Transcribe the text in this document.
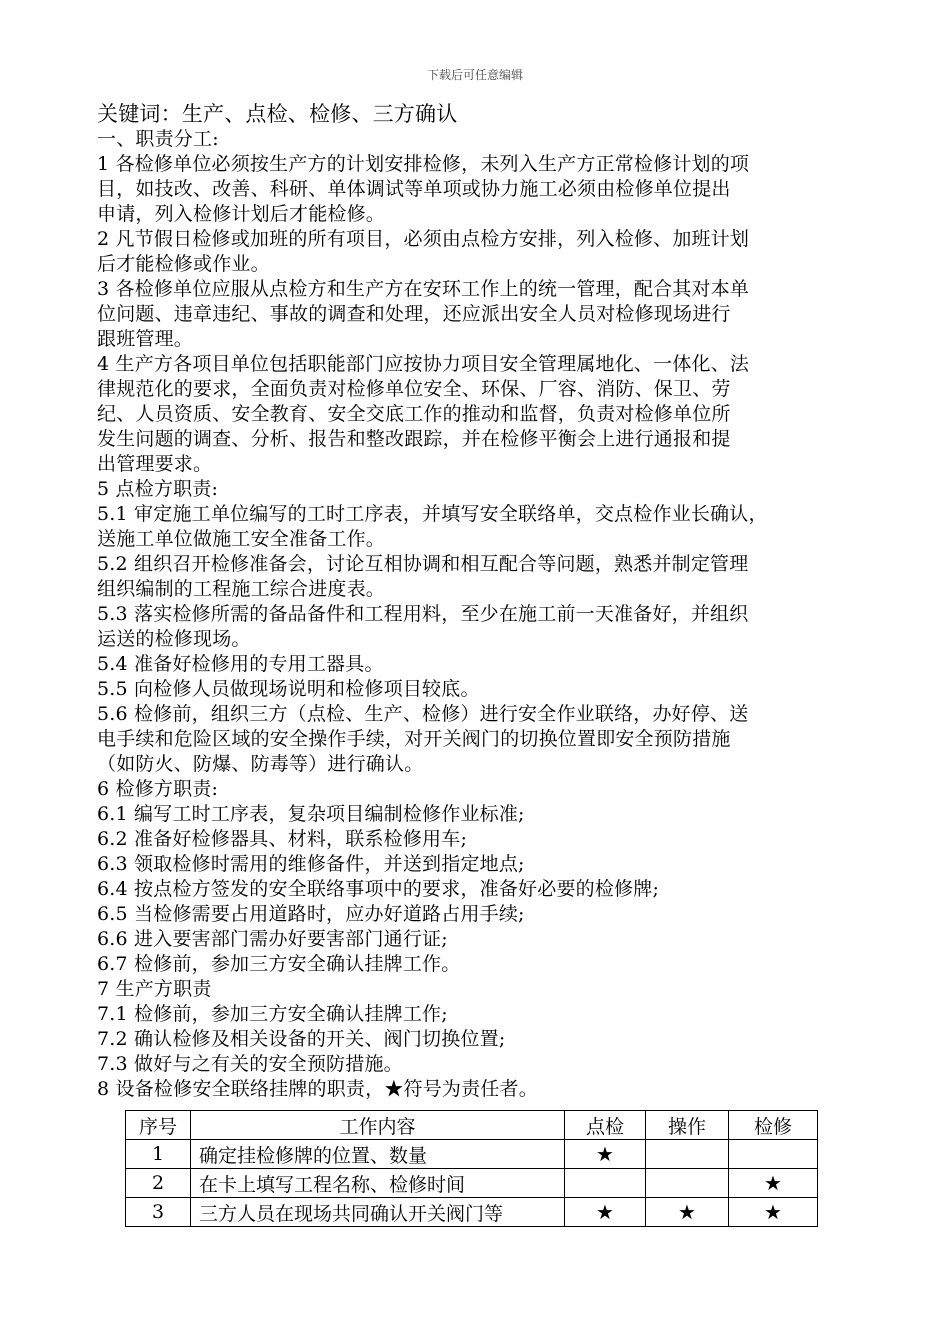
下载后可任意编辑
关键词：生产、点检、检修、三方确认
一、职责分工:
1 各检修单位必须按生产方的计划安排检修，未列入生产方正常检修计划的项
目，如技改、改善、科研、单体调试等单项或协力施工必须由检修单位提出
申请，列入检修计划后才能检修。
2 凡节假日检修或加班的所有项目，必须由点检方安排，列入检修、加班计划
后才能检修或作业。
3 各检修单位应服从点检方和生产方在安环工作上的统一管理，配合其对本单
位问题、违章违纪、事故的调查和处理，还应派出安全人员对检修现场进行
跟班管理。
4 生产方各项目单位包括职能部门应按协力项目安全管理属地化、一体化、法
律规范化的要求，全面负责对检修单位安全、环保、厂容、消防、保卫、劳
纪、人员资质、安全教育、安全交底工作的推动和监督，负责对检修单位所
发生问题的调查、分析、报告和整改跟踪，并在检修平衡会上进行通报和提
出管理要求。
5 点检方职责:
5.1 审定施工单位编写的工时工序表，并填写安全联络单，交点检作业长确认，
送施工单位做施工安全准备工作。
5.2 组织召开检修准备会，讨论互相协调和相互配合等问题，熟悉并制定管理
组织编制的工程施工综合进度表。
5.3 落实检修所需的备品备件和工程用料，至少在施工前一天准备好，并组织
运送的检修现场。
5.4 准备好检修用的专用工器具。
5.5 向检修人员做现场说明和检修项目较底。
5.6 检修前，组织三方（点检、生产、检修）进行安全作业联络，办好停、送
电手续和危险区域的安全操作手续，对开关阀门的切换位置即安全预防措施
（如防火、防爆、防毒等）进行确认。
6 检修方职责:
6.1 编写工时工序表，复杂项目编制检修作业标准;
6.2 准备好检修器具、材料，联系检修用车;
6.3 领取检修时需用的维修备件，并送到指定地点;
6.4 按点检方签发的安全联络事项中的要求，准备好必要的检修牌;
6.5 当检修需要占用道路时，应办好道路占用手续;
6.6 进入要害部门需办好要害部门通行证;
6.7 检修前，参加三方安全确认挂牌工作。
7 生产方职责
7.1 检修前，参加三方安全确认挂牌工作;
7.2 确认检修及相关设备的开关、阀门切换位置;
7.3 做好与之有关的安全预防措施。
8 设备检修安全联络挂牌的职责，★符号为责任者。
序号	工作内容	点检	操作	检修
1	确定挂检修牌的位置、数量	★		
2	在卡上填写工程名称、检修时间			★
3	三方人员在现场共同确认开关阀门等	★	★	★
